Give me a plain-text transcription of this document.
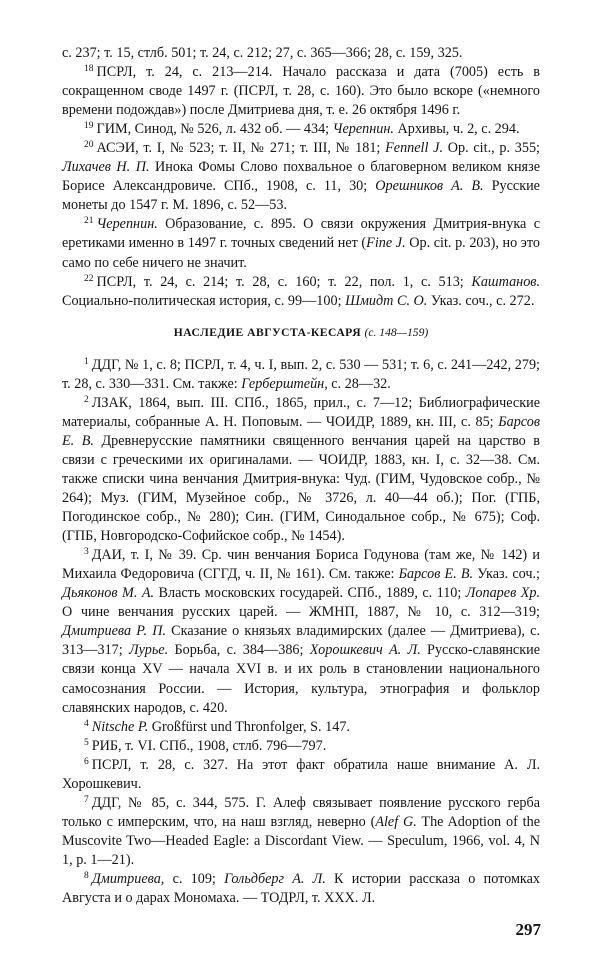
с. 237; т. 15, стлб. 501; т. 24, с. 212; 27, с. 365—366; 28, с. 159, 325.

$^{18}$ ПСРЛ, т. 24, с. 213—214. Начало рассказа и дата (7005) есть в сокращенном своде 1497 г. (ПСРЛ, т. 28, с. 160). Это было вскоре («немного времени подождав») после Дмитриева дня, т. е. 26 октября 1496 г.

$^{19}$ ГИМ, Синод, № 526, л. 432 об. — 434; Черепнин. Архивы, ч. 2, с. 294.

$^{20}$ АСЭИ, т. I, № 523; т. II, № 271; т. III, № 181; Fennell J. Op. cit., p. 355; Лихачев Н. П. Инока Фомы Слово похвальное о благоверном великом князе Борисе Александровиче. СПб., 1908, с. 11, 30; Орешников А. В. Русские монеты до 1547 г. М. 1896, с. 52—53.

$^{21}$ Черепнин. Образование, с. 895. О связи окружения Дмитрия-внука с еретиками именно в 1497 г. точных сведений нет (Fine J. Op. cit. p. 203), но это само по себе ничего не значит.

$^{22}$ ПСРЛ, т. 24, с. 214; т. 28, с. 160; т. 22, пол. 1, с. 513; Каштанов. Социально-политическая история, с. 99—100; Шмидт С. О. Указ. соч., с. 272.

НАСЛЕДИЕ АВГУСТА-КЕСАРЯ (с. 148—159)

$^1$ ДДГ, № 1, с. 8; ПСРЛ, т. 4, ч. I, вып. 2, с. 530 — 531; т. 6, с. 241—242, 279; т. 28, с. 330—331. См. также: Герберштейн, с. 28—32.

$^2$ ЛЗАК, 1864, вып. III. СПб., 1865, прил., с. 7—12; Библиографические материалы, собранные А. Н. Поповым. — ЧОИДР, 1889, кн. III, с. 85; Барсов Е. В. Древнерусские памятники священного венчания царей на царство в связи с греческими их оригиналами. — ЧОИДР, 1883, кн. I, с. 32—38. См. также списки чина венчания Дмитрия-внука: Чуд. (ГИМ, Чудовское собр., № 264); Муз. (ГИМ, Музейное собр., № 3726, л. 40—44 об.); Пог. (ГПБ, Погодинское собр., № 280); Син. (ГИМ, Синодальное собр., № 675); Соф. (ГПБ, Новгородско-Софийское собр., № 1454).

$^3$ ДАИ, т. I, № 39. Ср. чин венчания Бориса Годунова (там же, № 142) и Михаила Федоровича (СГГД, ч. II, № 161). См. также: Барсов Е. В. Указ. соч.; Дьяконов М. А. Власть московских государей. СПб., 1889, с. 110; Лопарев Хр. О чине венчания русских царей. — ЖМНП, 1887, № 10, с. 312—319; Дмитриева Р. П. Сказание о князьях владимирских (далее — Дмитриева), с. 313—317; Лурье. Борьба, с. 384—386; Хорошкевич А. Л. Русско-славянские связи конца XV — начала XVI в. и их роль в становлении национального самосознания России. — История, культура, этнография и фольклор славянских народов, с. 420.

$^4$ Nitsche P. Großfürst und Thronfolger, S. 147.

$^5$ РИБ, т. VI. СПб., 1908, стлб. 796—797.

$^6$ ПСРЛ, т. 28, с. 327. На этот факт обратила наше внимание А. Л. Хорошкевич.

$^7$ ДДГ, № 85, с. 344, 575. Г. Алеф связывает появление русского герба только с имперским, что, на наш взгляд, неверно (Alef G. The Adoption of the Muscovite Two—Headed Eagle: a Discordant View. — Speculum, 1966, vol. 4, N 1, p. 1—21).

$^8$ Дмитриева, с. 109; Гольдберг А. Л. К истории рассказа о потомках Августа и о дарах Мономаха. — ТОДРЛ, т. XXX. Л.

297
